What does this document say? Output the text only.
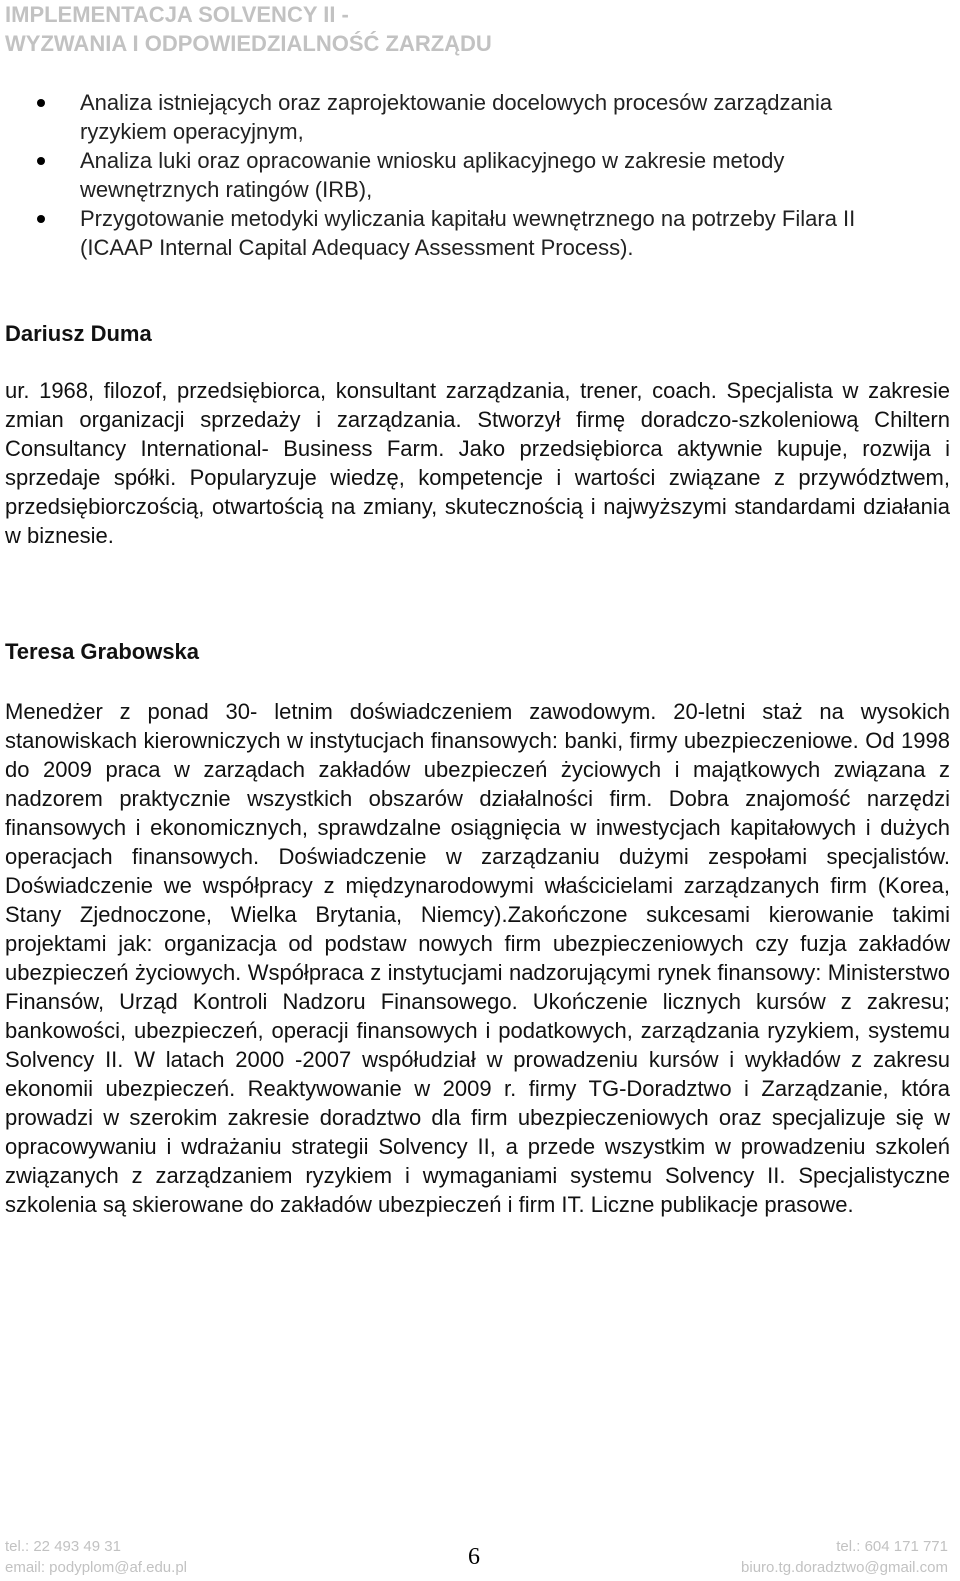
IMPLEMENTACJA SOLVENCY II -
WYZWANIA I ODPOWIEDZIALNOŚĆ ZARZĄDU
Analiza istniejących oraz zaprojektowanie docelowych procesów zarządzania ryzykiem operacyjnym,
Analiza luki oraz opracowanie wniosku aplikacyjnego w zakresie metody wewnętrznych ratingów (IRB),
Przygotowanie metodyki wyliczania kapitału wewnętrznego na potrzeby Filara II (ICAAP Internal Capital Adequacy Assessment Process).
Dariusz Duma

ur. 1968, filozof, przedsiębiorca, konsultant zarządzania, trener, coach. Specjalista w zakresie zmian organizacji sprzedaży i zarządzania. Stworzył firmę doradczo-szkoleniową Chiltern Consultancy International- Business Farm. Jako przedsiębiorca aktywnie kupuje, rozwija i sprzedaje spółki. Popularyzuje wiedzę, kompetencje i wartości związane z przywództwem, przedsiębiorczością, otwartością na zmiany, skutecznością i najwyższymi standardami działania w biznesie.

Teresa Grabowska

Menedżer z ponad 30- letnim doświadczeniem zawodowym. 20-letni staż na wysokich stanowiskach kierowniczych w instytucjach finansowych: banki, firmy ubezpieczeniowe. Od 1998 do 2009 praca w zarządach zakładów ubezpieczeń życiowych i majątkowych związana z nadzorem praktycznie wszystkich obszarów działalności firm. Dobra znajomość narzędzi finansowych i ekonomicznych, sprawdzalne osiągnięcia w inwestycjach kapitałowych i dużych operacjach finansowych. Doświadczenie w zarządzaniu dużymi zespołami specjalistów. Doświadczenie we współpracy z międzynarodowymi właścicielami zarządzanych firm (Korea, Stany Zjednoczone, Wielka Brytania, Niemcy).Zakończone sukcesami kierowanie takimi projektami jak: organizacja od podstaw nowych firm ubezpieczeniowych czy fuzja zakładów ubezpieczeń życiowych. Współpraca z instytucjami nadzorującymi rynek finansowy: Ministerstwo Finansów, Urząd Kontroli Nadzoru Finansowego. Ukończenie licznych kursów z zakresu; bankowości, ubezpieczeń, operacji finansowych i podatkowych, zarządzania ryzykiem, systemu Solvency II. W latach 2000 -2007 współudział w prowadzeniu kursów i wykładów z zakresu ekonomii ubezpieczeń. Reaktywowanie w 2009 r. firmy TG-Doradztwo i Zarządzanie, która prowadzi w szerokim zakresie doradztwo dla firm ubezpieczeniowych oraz specjalizuje się w opracowywaniu i wdrażaniu strategii Solvency II, a przede wszystkim w prowadzeniu szkoleń związanych z zarządzaniem ryzykiem i wymaganiami systemu Solvency II. Specjalistyczne szkolenia są skierowane do zakładów ubezpieczeń i firm IT. Liczne publikacje prasowe.

6
tel.: 22 493 49 31
email: podyplom@af.edu.pl
tel.: 604 171 771
biuro.tg.doradztwo@gmail.com
